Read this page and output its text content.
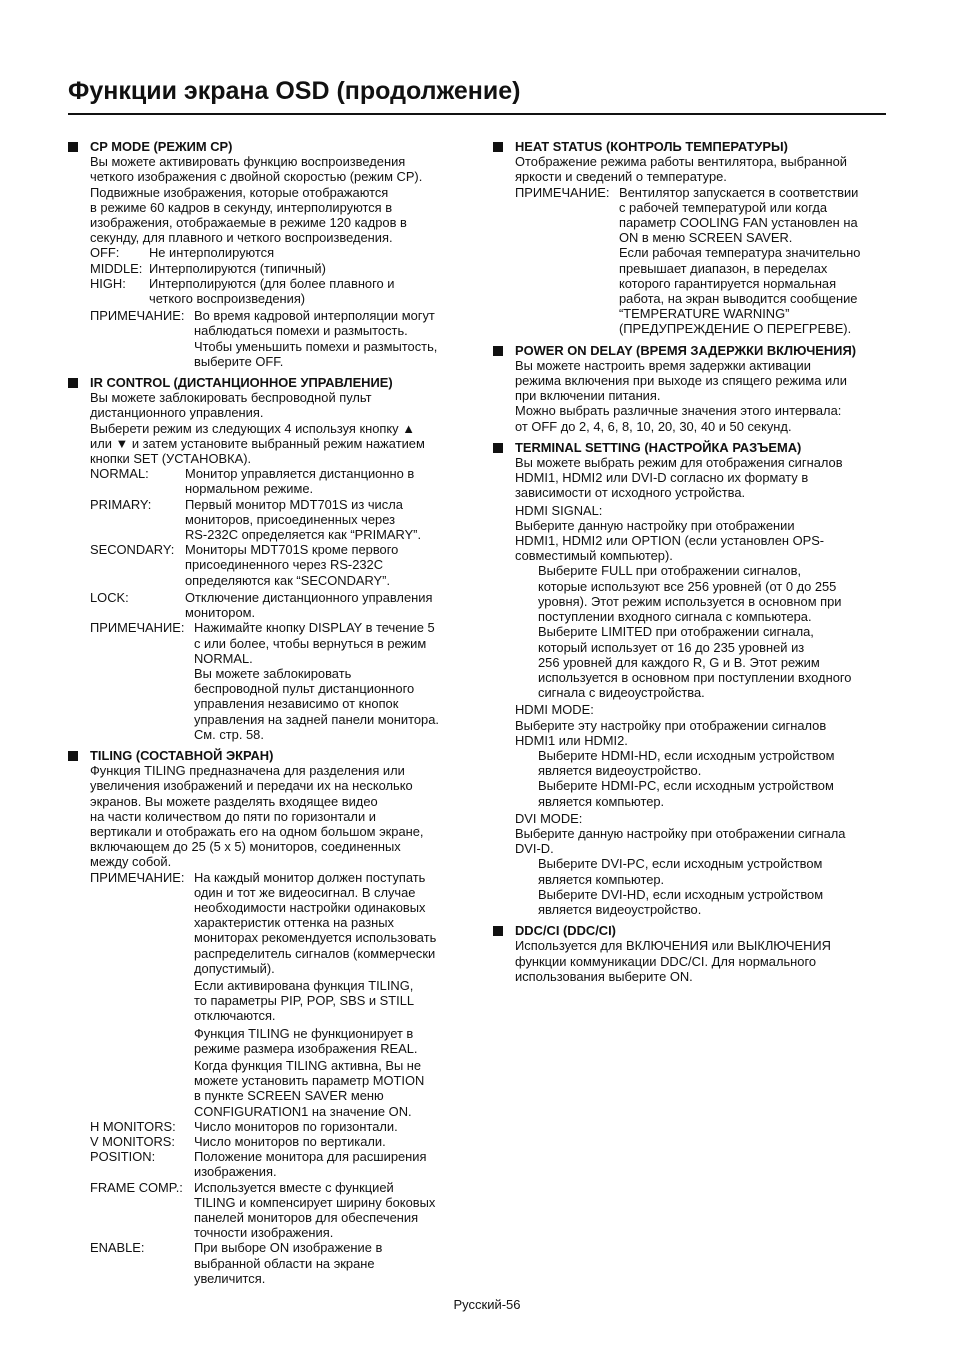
Функции экрана OSD (продолжение)
CP MODE (РЕЖИМ CP)
Вы можете активировать функцию воспроизведения
четкого изображения с двойной скоростью (режим CP).
Подвижные изображения, которые отображаются
в режиме 60 кадров в секунду, интерполируются в
изображения, отображаемые в режиме 120 кадров в
секунду, для плавного и четкого воспроизведения.
OFF:	Не интерполируются
MIDDLE: Интерполируются (типичный)
HIGH:	Интерполируются (для более плавного и
четкого воспроизведения)
ПРИМЕЧАНИЕ: Во время кадровой интерполяции могут
наблюдаться помехи и размытость.
Чтобы уменьшить помехи и размытость,
выберите OFF.
IR CONTROL (ДИСТАНЦИОННОЕ УПРАВЛЕНИЕ)
Вы можете заблокировать беспроводной пульт
дистанционного управления.
Выберети режим из следующих 4 используя кнопку ▲
или ▼ и затем установите выбранный режим нажатием
кнопки SET (УСТАНОВКА).
NORMAL:	Монитор управляется дистанционно в
нормальном режиме.
PRIMARY:	Первый монитор MDT701S из числа
мониторов, присоединенных через
RS-232C определяется как “PRIMARY”.
SECONDARY: Мониторы MDT701S кроме первого
присоединенного через RS-232C
определяются как “SECONDARY”.
LOCK:	Отключение дистанционного управления
монитором.
ПРИМЕЧАНИЕ: Нажимайте кнопку DISPLAY в течение 5
с или более, чтобы вернуться в режим
NORMAL.
Вы можете заблокировать
беспроводной пульт дистанционного
управления независимо от кнопок
управления на задней панели монитора.
См. стр. 58.
TILING (СОСТАВНОЙ ЭКРАН)
Функция TILING предназначена для разделения или
увеличения изображений и передачи их на несколько
экранов. Вы можете разделять входящее видео
на части количеством до пяти по горизонтали и
вертикали и отображать его на одном большом экране,
включающем до 25 (5 x 5) мониторов, соединенных
между собой.
ПРИМЕЧАНИЕ: На каждый монитор должен поступать
один и тот же видеосигнал. В случае
необходимости настройки одинаковых
характеристик оттенка на разных
мониторах рекомендуется использовать
распределитель сигналов (коммерчески
допустимый).
Если активирована функция TILING,
то параметры PIP, POP, SBS и STILL
отключаются.
Функция TILING не функционирует в
режиме размера изображения REAL.
Когда функция TILING активна, Вы не
можете установить параметр MOTION
в пункте SCREEN SAVER меню
CONFIGURATION1 на значение ON.
H MONITORS:	Число мониторов по горизонтали.
V MONITORS:	Число мониторов по вертикали.
POSITION:	Положение монитора для расширения
изображения.
FRAME COMP.: Используется вместе с функцией
TILING и компенсирует ширину боковых
панелей мониторов для обеспечения
точности изображения.
ENABLE:	При выборе ON изображение в
выбранной области на экране
увеличится.
HEAT STATUS (КОНТРОЛЬ ТЕМПЕРАТУРЫ)
Отображение режима работы вентилятора, выбранной
яркости и сведений о температуре.
ПРИМЕЧАНИЕ: Вентилятор запускается в соответствии
с рабочей температурой или когда
параметр COOLING FAN установлен на
ON в меню SCREEN SAVER.
Если рабочая температура значительно
превышает диапазон, в переделах
которого гарантируется нормальная
работа, на экран выводится сообщение
“TEMPERATURE WARNING”
(ПРЕДУПРЕЖДЕНИЕ О ПЕРЕГРЕВЕ).
POWER ON DELAY (ВРЕМЯ ЗАДЕРЖКИ ВКЛЮЧЕНИЯ)
Вы можете настроить время задержки активации
режима включения при выходе из спящего режима или
при включении питания.
Можно выбрать различные значения этого интервала:
от OFF до 2, 4, 6, 8, 10, 20, 30, 40 и 50 секунд.
TERMINAL SETTING (НАСТРОЙКА РАЗЪЕМА)
Вы можете выбрать режим для отображения сигналов
HDMI1, HDMI2 или DVI-D согласно их формату в
зависимости от исходного устройства.
HDMI SIGNAL:
Выберите данную настройку при отображении
HDMI1, HDMI2 или OPTION (если установлен OPS-
совместимый компьютер).
Выберите FULL при отображении сигналов,
которые используют все 256 уровней (от 0 до 255
уровня). Этот режим используется в основном при
поступлении входного сигнала с компьютера.
Выберите LIMITED при отображении сигнала,
который использует от 16 до 235 уровней из
256 уровней для каждого R, G и B. Этот режим
используется в основном при поступлении входного
сигнала с видеоустройства.
HDMI MODE:
Выберите эту настройку при отображении сигналов
HDMI1 или HDMI2.
Выберите HDMI-HD, если исходным устройством
является видеоустройство.
Выберите HDMI-PC, если исходным устройством
является компьютер.
DVI MODE:
Выберите данную настройку при отображении сигнала
DVI-D.
Выберите DVI-PC, если исходным устройством
является компьютер.
Выберите DVI-HD, если исходным устройством
является видеоустройство.
DDC/CI (DDC/CI)
Используется для ВКЛЮЧЕНИЯ или ВЫКЛЮЧЕНИЯ
функции коммуникации DDC/CI. Для нормального
использования выберите ON.
Русский-56
